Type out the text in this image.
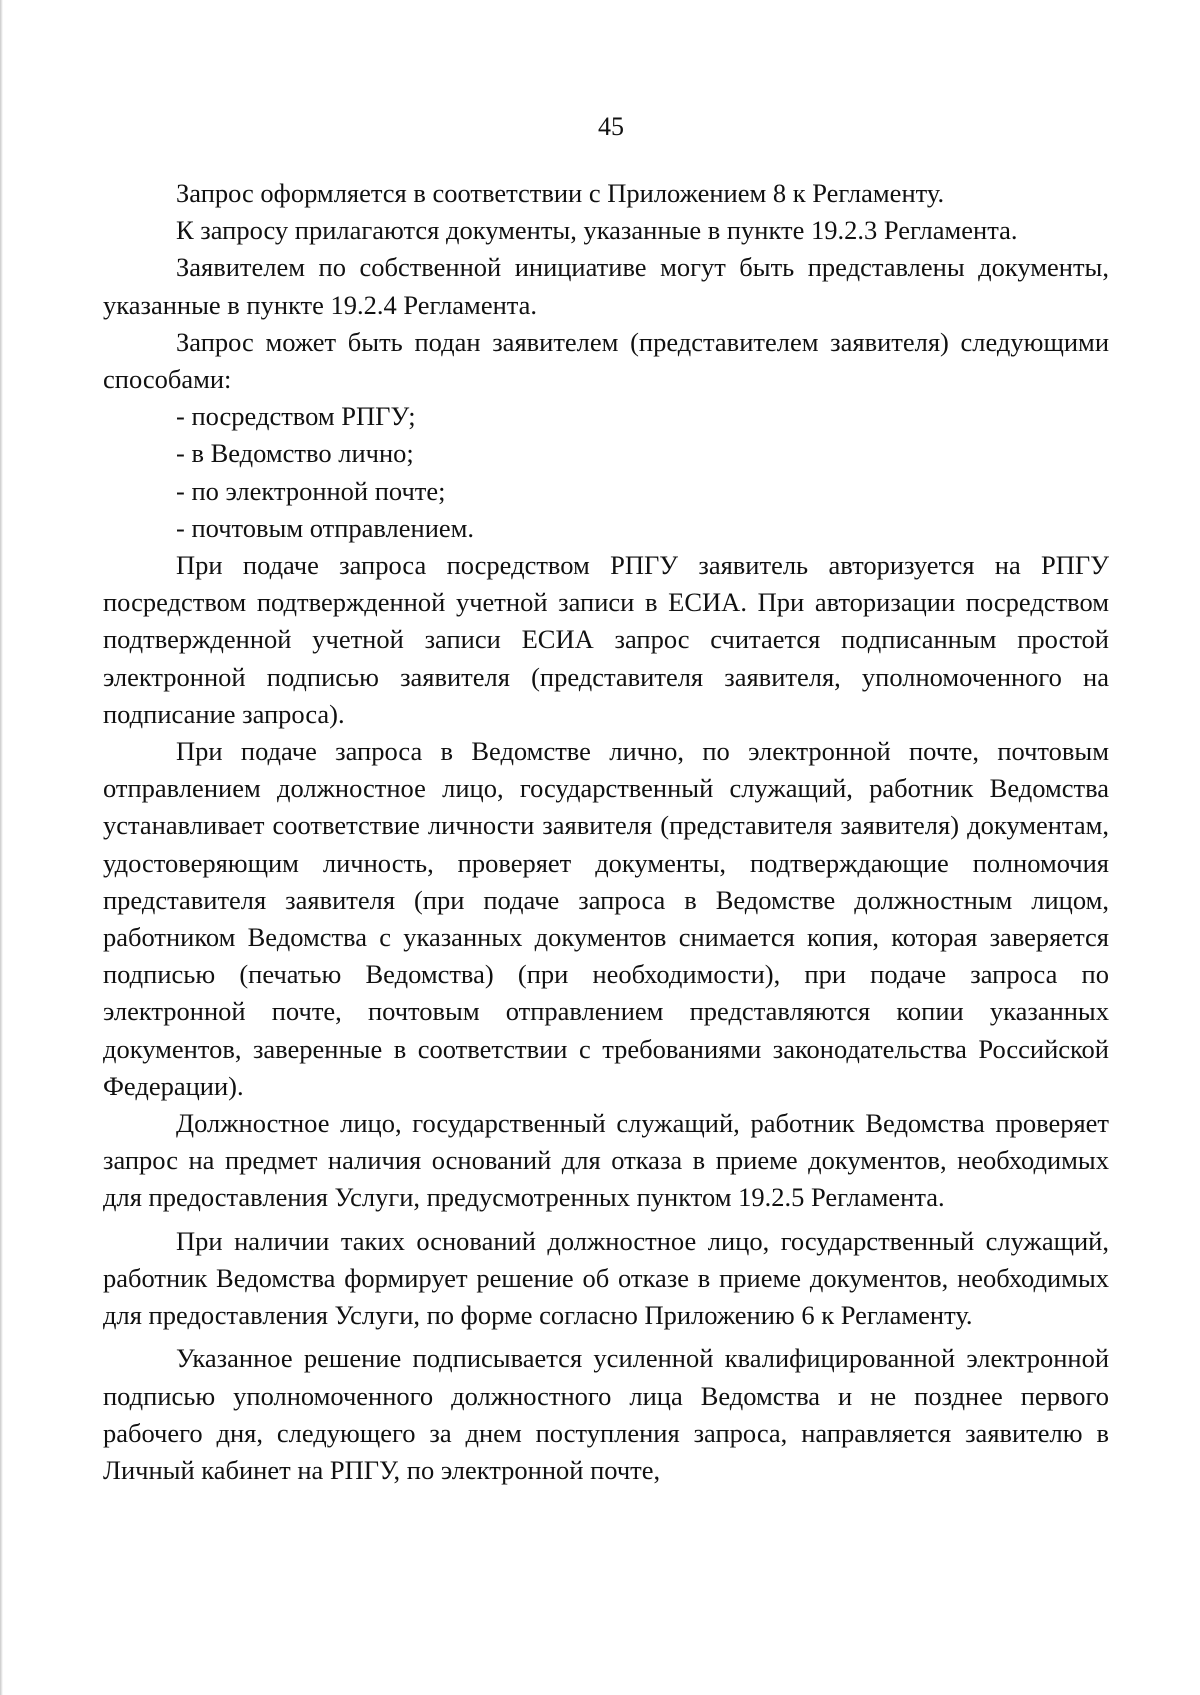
45

Запрос оформляется в соответствии с Приложением 8 к Регламенту.

К запросу прилагаются документы, указанные в пункте 19.2.3 Регламента.

Заявителем по собственной инициативе могут быть представлены документы, указанные в пункте 19.2.4 Регламента.

Запрос может быть подан заявителем (представителем заявителя) следующими способами:

- посредством РПГУ;

- в Ведомство лично;

- по электронной почте;

- почтовым отправлением.

При подаче запроса посредством РПГУ заявитель авторизуется на РПГУ посредством подтвержденной учетной записи в ЕСИА. При авторизации посредством подтвержденной учетной записи ЕСИА запрос считается подписанным простой электронной подписью заявителя (представителя заявителя, уполномоченного на подписание запроса).

При подаче запроса в Ведомстве лично, по электронной почте, почтовым отправлением должностное лицо, государственный служащий, работник Ведомства устанавливает соответствие личности заявителя (представителя заявителя) документам, удостоверяющим личность, проверяет документы, подтверждающие полномочия представителя заявителя (при подаче запроса в Ведомстве должностным лицом, работником Ведомства с указанных документов снимается копия, которая заверяется подписью (печатью Ведомства) (при необходимости), при подаче запроса по электронной почте, почтовым отправлением представляются копии указанных документов, заверенные в соответствии с требованиями законодательства Российской Федерации).

Должностное лицо, государственный служащий, работник Ведомства проверяет запрос на предмет наличия оснований для отказа в приеме документов, необходимых для предоставления Услуги, предусмотренных пунктом 19.2.5 Регламента.

При наличии таких оснований должностное лицо, государственный служащий, работник Ведомства формирует решение об отказе в приеме документов, необходимых для предоставления Услуги, по форме согласно Приложению 6 к Регламенту.

Указанное решение подписывается усиленной квалифицированной электронной подписью уполномоченного должностного лица Ведомства и не позднее первого рабочего дня, следующего за днем поступления запроса, направляется заявителю в Личный кабинет на РПГУ, по электронной почте,
